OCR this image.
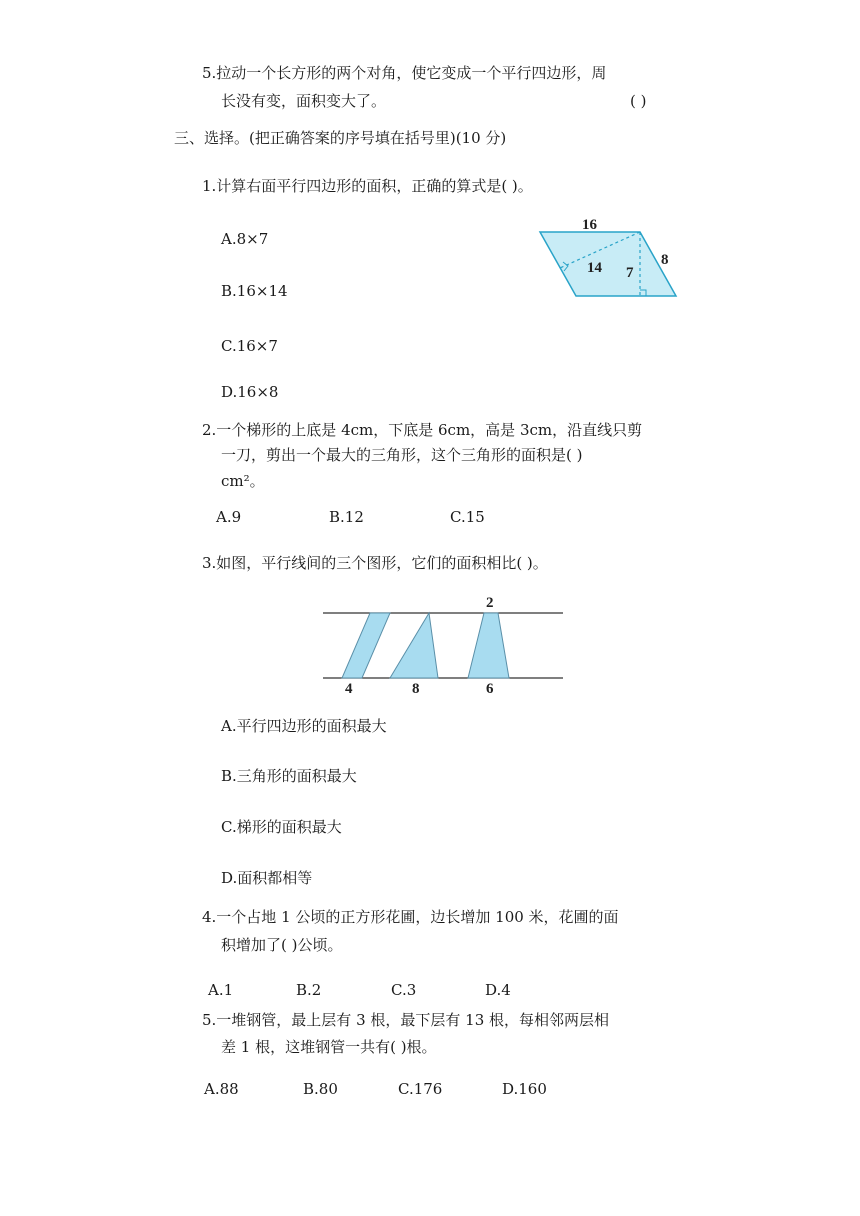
5.拉动一个长方形的两个对角，使它变成一个平行四边形，周
长没有变，面积变大了。	( )
三、选择。(把正确答案的序号填在括号里)(10 分)
1.计算右面平行四边形的面积，正确的算式是( )。
A.8×7
B.16×14
C.16×7
D.16×8
16
14 7
8
2.一个梯形的上底是 4cm，下底是 6cm，高是 3cm，沿直线只剪
一刀，剪出一个最大的三角形，这个三角形的面积是( )
cm²。
A.9	B.12	C.15
3.如图，平行线间的三个图形，它们的面积相比( )。
2
4	8	6
A.平行四边形的面积最大
B.三角形的面积最大
C.梯形的面积最大
D.面积都相等
4.一个占地 1 公顷的正方形花圃，边长增加 100 米，花圃的面
积增加了( )公顷。
A.1	B.2	C.3	D.4
5.一堆钢管，最上层有 3 根，最下层有 13 根，每相邻两层相
差 1 根，这堆钢管一共有( )根。
A.88	B.80	C.176	D.160
